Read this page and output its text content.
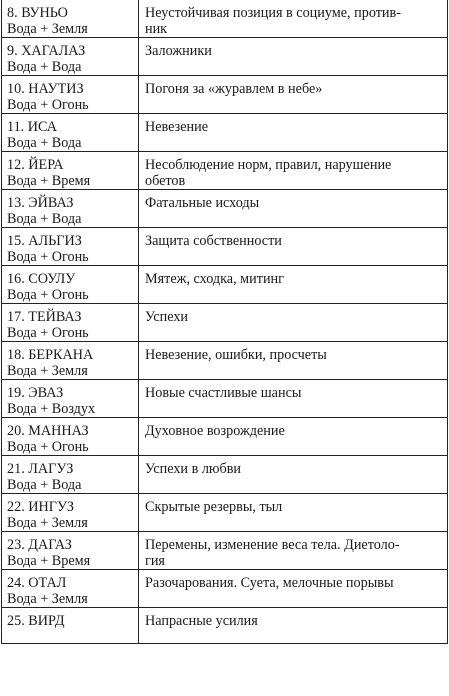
8. ВУНЬО
Вода + Земля	Неустойчивая позиция в социуме, против-
ник

9. ХАГАЛАЗ
Вода + Вода	Заложники

10. НАУТИЗ
Вода + Огонь	Погоня за «журавлем в небе»

11. ИСА
Вода + Вода	Невезение

12. ЙЕРА
Вода + Время	Несоблюдение норм, правил, нарушение
обетов

13. ЭЙВАЗ
Вода + Вода	Фатальные исходы

15. АЛЬГИЗ
Вода + Огонь	Защита собственности

16. СОУЛУ
Вода + Огонь	Мятеж, сходка, митинг

17. ТЕЙВАЗ
Вода + Огонь	Успехи

18. БЕРКАНА
Вода + Земля	Невезение, ошибки, просчеты

19. ЭВАЗ
Вода + Воздух	Новые счастливые шансы

20. МАННАЗ
Вода + Огонь	Духовное возрождение

21. ЛАГУЗ
Вода + Вода	Успехи в любви

22. ИНГУЗ
Вода + Земля	Скрытые резервы, тыл

23. ДАГАЗ
Вода + Время	Перемены, изменение веса тела. Диетоло-
гия

24. ОТАЛ
Вода + Земля	Разочарования. Суета, мелочные порывы

25. ВИРД	Напрасные усилия
